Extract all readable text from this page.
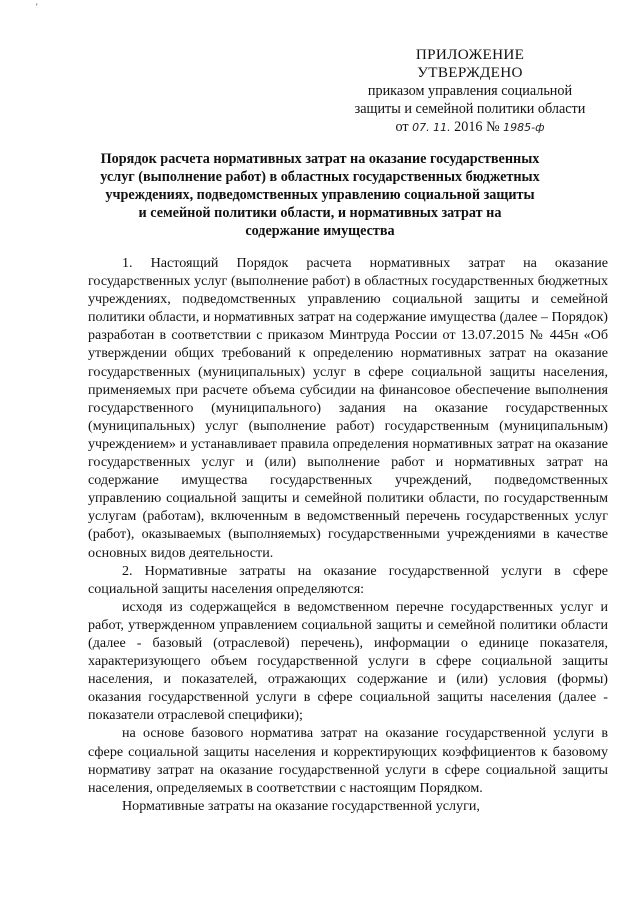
'
ПРИЛОЖЕНИЕ
УТВЕРЖДЕНО
приказом управления социальной
защиты и семейной политики области
от 07. 11. 2016 № 1985-ф
Порядок расчета нормативных затрат на оказание государственных услуг (выполнение работ) в областных государственных бюджетных учреждениях, подведомственных управлению социальной защиты и семейной политики области, и нормативных затрат на содержание имущества

1. Настоящий Порядок расчета нормативных затрат на оказание государственных услуг (выполнение работ) в областных государственных бюджетных учреждениях, подведомственных управлению социальной защиты и семейной политики области, и нормативных затрат на содержание имущества (далее – Порядок) разработан в соответствии с приказом Минтруда России от 13.07.2015 № 445н «Об утверждении общих требований к определению нормативных затрат на оказание государственных (муниципальных) услуг в сфере социальной защиты населения, применяемых при расчете объема субсидии на финансовое обеспечение выполнения государственного (муниципального) задания на оказание государственных (муниципальных) услуг (выполнение работ) государственным (муниципальным) учреждением» и устанавливает правила определения нормативных затрат на оказание государственных услуг и (или) выполнение работ и нормативных затрат на содержание имущества государственных учреждений, подведомственных управлению социальной защиты и семейной политики области, по государственным услугам (работам), включенным в ведомственный перечень государственных услуг (работ), оказываемых (выполняемых) государственными учреждениями в качестве основных видов деятельности.

2. Нормативные затраты на оказание государственной услуги в сфере социальной защиты населения определяются:

исходя из содержащейся в ведомственном перечне государственных услуг и работ, утвержденном управлением социальной защиты и семейной политики области (далее - базовый (отраслевой) перечень), информации о единице показателя, характеризующего объем государственной услуги в сфере социальной защиты населения, и показателей, отражающих содержание и (или) условия (формы) оказания государственной услуги в сфере социальной защиты населения (далее - показатели отраслевой специфики);

на основе базового норматива затрат на оказание государственной услуги в сфере социальной защиты населения и корректирующих коэффициентов к базовому нормативу затрат на оказание государственной услуги в сфере социальной защиты населения, определяемых в соответствии с настоящим Порядком.

Нормативные затраты на оказание государственной услуги,
